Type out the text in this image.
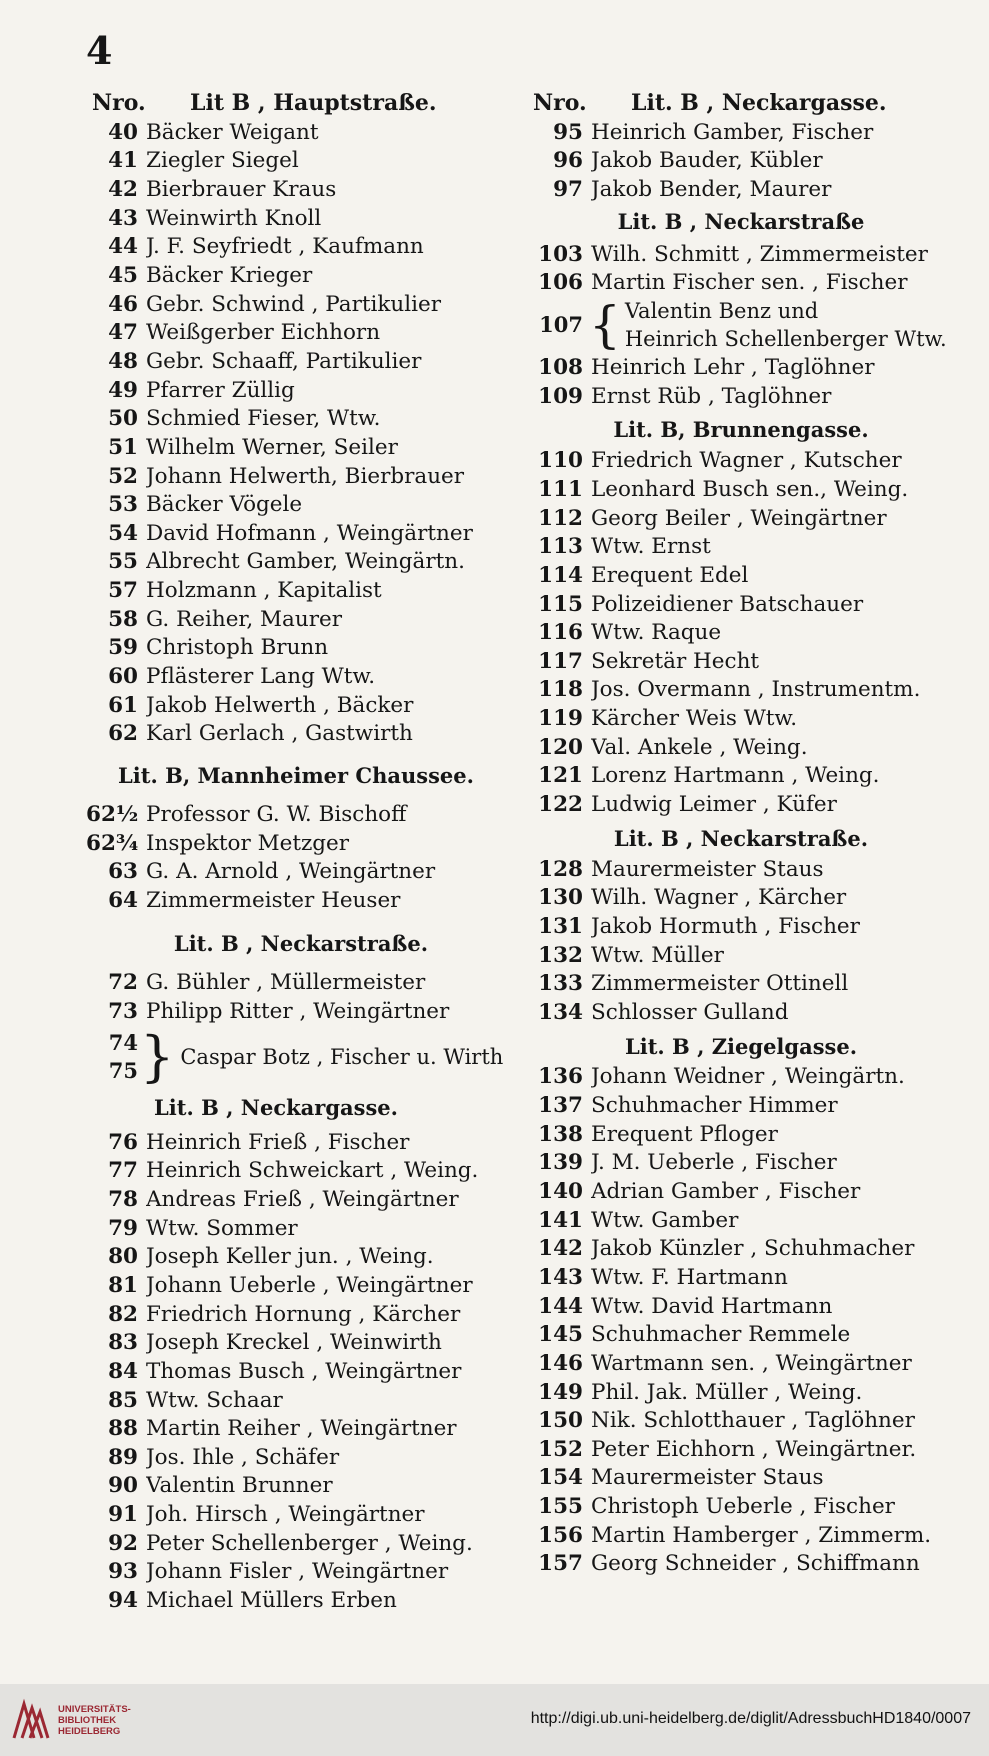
4
Nro. Lit B , Hauptstraße.
40 Bäcker Weigant
41 Ziegler Siegel
42 Bierbrauer Kraus
43 Weinwirth Knoll
44 J. F. Seyfriedt , Kaufmann
45 Bäcker Krieger
46 Gebr. Schwind , Partikulier
47 Weißgerber Eichhorn
48 Gebr. Schaaff, Partikulier
49 Pfarrer Züllig
50 Schmied Fieser, Wtw.
51 Wilhelm Werner, Seiler
52 Johann Helwerth, Bierbrauer
53 Bäcker Vögele
54 David Hofmann , Weingärtner
55 Albrecht Gamber, Weingärtn.
57 Holzmann , Kapitalist
58 G. Reiher, Maurer
59 Christoph Brunn
60 Pflästerer Lang Wtw.
61 Jakob Helwerth , Bäcker
62 Karl Gerlach , Gastwirth
Lit. B, Mannheimer Chaussee.
62½ Professor G. W. Bischoff
62¾ Inspektor Metzger
63 G. A. Arnold , Weingärtner
64 Zimmermeister Heuser
Lit. B , Neckarstraße.
72 G. Bühler , Müllermeister
73 Philipp Ritter , Weingärtner
74
75 } Caspar Botz , Fischer u. Wirth
Lit. B , Neckargasse.
76 Heinrich Frieß , Fischer
77 Heinrich Schweickart , Weing.
78 Andreas Frieß , Weingärtner
79 Wtw. Sommer
80 Joseph Keller jun. , Weing.
81 Johann Ueberle , Weingärtner
82 Friedrich Hornung , Kärcher
83 Joseph Kreckel , Weinwirth
84 Thomas Busch , Weingärtner
85 Wtw. Schaar
88 Martin Reiher , Weingärtner
89 Jos. Ihle , Schäfer
90 Valentin Brunner
91 Joh. Hirsch , Weingärtner
92 Peter Schellenberger , Weing.
93 Johann Fisler , Weingärtner
94 Michael Müllers Erben
Nro. Lit. B , Neckargasse.
95 Heinrich Gamber, Fischer
96 Jakob Bauder, Kübler
97 Jakob Bender, Maurer
Lit. B , Neckarstraße
103 Wilh. Schmitt , Zimmermeister
106 Martin Fischer sen. , Fischer
107 { Valentin Benz und
Heinrich Schellenberger Wtw.
108 Heinrich Lehr , Taglöhner
109 Ernst Rüb , Taglöhner
Lit. B, Brunnengasse.
110 Friedrich Wagner , Kutscher
111 Leonhard Busch sen., Weing.
112 Georg Beiler , Weingärtner
113 Wtw. Ernst
114 Erequent Edel
115 Polizeidiener Batschauer
116 Wtw. Raque
117 Sekretär Hecht
118 Jos. Overmann , Instrumentm.
119 Kärcher Weis Wtw.
120 Val. Ankele , Weing.
121 Lorenz Hartmann , Weing.
122 Ludwig Leimer , Küfer
Lit. B , Neckarstraße.
128 Maurermeister Staus
130 Wilh. Wagner , Kärcher
131 Jakob Hormuth , Fischer
132 Wtw. Müller
133 Zimmermeister Ottinell
134 Schlosser Gulland
Lit. B , Ziegelgasse.
136 Johann Weidner , Weingärtn.
137 Schuhmacher Himmer
138 Erequent Pfloger
139 J. M. Ueberle , Fischer
140 Adrian Gamber , Fischer
141 Wtw. Gamber
142 Jakob Künzler , Schuhmacher
143 Wtw. F. Hartmann
144 Wtw. David Hartmann
145 Schuhmacher Remmele
146 Wartmann sen. , Weingärtner
149 Phil. Jak. Müller , Weing.
150 Nik. Schlotthauer , Taglöhner
152 Peter Eichhorn , Weingärtner.
154 Maurermeister Staus
155 Christoph Ueberle , Fischer
156 Martin Hamberger , Zimmerm.
157 Georg Schneider , Schiffmann
UNIVERSITÄTS-
BIBLIOTHEK
HEIDELBERG
http://digi.ub.uni-heidelberg.de/diglit/AdressbuchHD1840/0007
